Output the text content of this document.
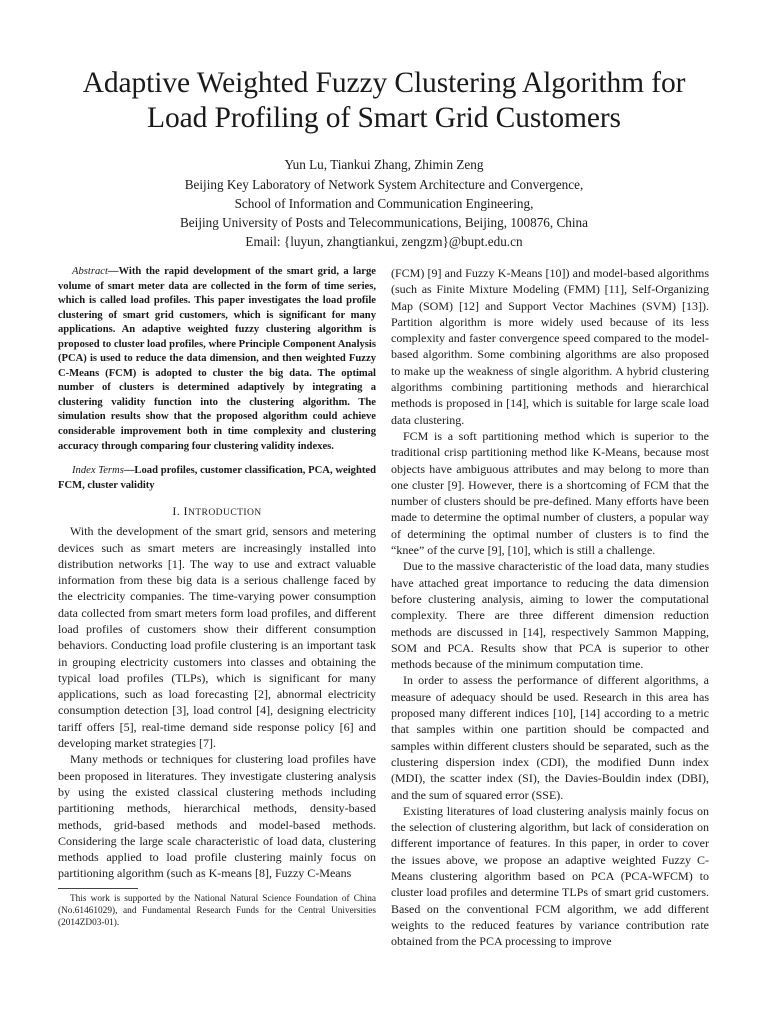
Adaptive Weighted Fuzzy Clustering Algorithm for
Load Profiling of Smart Grid Customers
Yun Lu, Tiankui Zhang, Zhimin Zeng
Beijing Key Laboratory of Network System Architecture and Convergence,
School of Information and Communication Engineering,
Beijing University of Posts and Telecommunications, Beijing, 100876, China
Email: {luyun, zhangtiankui, zengzm}@bupt.edu.cn

Abstract—With the rapid development of the smart grid, a large volume of smart meter data are collected in the form of time series, which is called load profiles. This paper investigates the load profile clustering of smart grid customers, which is significant for many applications. An adaptive weighted fuzzy clustering algorithm is proposed to cluster load profiles, where Principle Component Analysis (PCA) is used to reduce the data dimension, and then weighted Fuzzy C-Means (FCM) is adopted to cluster the big data. The optimal number of clusters is determined adaptively by integrating a clustering validity function into the clustering algorithm. The simulation results show that the proposed algorithm could achieve considerable improvement both in time complexity and clustering accuracy through comparing four clustering validity indexes.

Index Terms—Load profiles, customer classification, PCA, weighted FCM, cluster validity

I. INTRODUCTION

With the development of the smart grid, sensors and metering devices such as smart meters are increasingly installed into distribution networks [1]. The way to use and extract valuable information from these big data is a serious challenge faced by the electricity companies. The time-varying power consumption data collected from smart meters form load profiles, and different load profiles of customers show their different consumption behaviors. Conducting load profile clustering is an important task in grouping electricity customers into classes and obtaining the typical load profiles (TLPs), which is significant for many applications, such as load forecasting [2], abnormal electricity consumption detection [3], load control [4], designing electricity tariff offers [5], real-time demand side response policy [6] and developing market strategies [7].

Many methods or techniques for clustering load profiles have been proposed in literatures. They investigate clustering analysis by using the existed classical clustering methods including partitioning methods, hierarchical methods, density-based methods, grid-based methods and model-based methods. Considering the large scale characteristic of load data, clustering methods applied to load profile clustering mainly focus on partitioning algorithm (such as K-means [8], Fuzzy C-Means

This work is supported by the National Natural Science Foundation of China (No.61461029), and Fundamental Research Funds for the Central Universities (2014ZD03-01).

(FCM) [9] and Fuzzy K-Means [10]) and model-based algorithms (such as Finite Mixture Modeling (FMM) [11], Self-Organizing Map (SOM) [12] and Support Vector Machines (SVM) [13]). Partition algorithm is more widely used because of its less complexity and faster convergence speed compared to the model-based algorithm. Some combining algorithms are also proposed to make up the weakness of single algorithm. A hybrid clustering algorithms combining partitioning methods and hierarchical methods is proposed in [14], which is suitable for large scale load data clustering.

FCM is a soft partitioning method which is superior to the traditional crisp partitioning method like K-Means, because most objects have ambiguous attributes and may belong to more than one cluster [9]. However, there is a shortcoming of FCM that the number of clusters should be pre-defined. Many efforts have been made to determine the optimal number of clusters, a popular way of determining the optimal number of clusters is to find the “knee” of the curve [9], [10], which is still a challenge.

Due to the massive characteristic of the load data, many studies have attached great importance to reducing the data dimension before clustering analysis, aiming to lower the computational complexity. There are three different dimension reduction methods are discussed in [14], respectively Sammon Mapping, SOM and PCA. Results show that PCA is superior to other methods because of the minimum computation time.

In order to assess the performance of different algorithms, a measure of adequacy should be used. Research in this area has proposed many different indices [10], [14] according to a metric that samples within one partition should be compacted and samples within different clusters should be separated, such as the clustering dispersion index (CDI), the modified Dunn index (MDI), the scatter index (SI), the Davies-Bouldin index (DBI), and the sum of squared error (SSE).

Existing literatures of load clustering analysis mainly focus on the selection of clustering algorithm, but lack of consideration on different importance of features. In this paper, in order to cover the issues above, we propose an adaptive weighted Fuzzy C-Means clustering algorithm based on PCA (PCA-WFCM) to cluster load profiles and determine TLPs of smart grid customers. Based on the conventional FCM algorithm, we add different weights to the reduced features by variance contribution rate obtained from the PCA processing to improve
